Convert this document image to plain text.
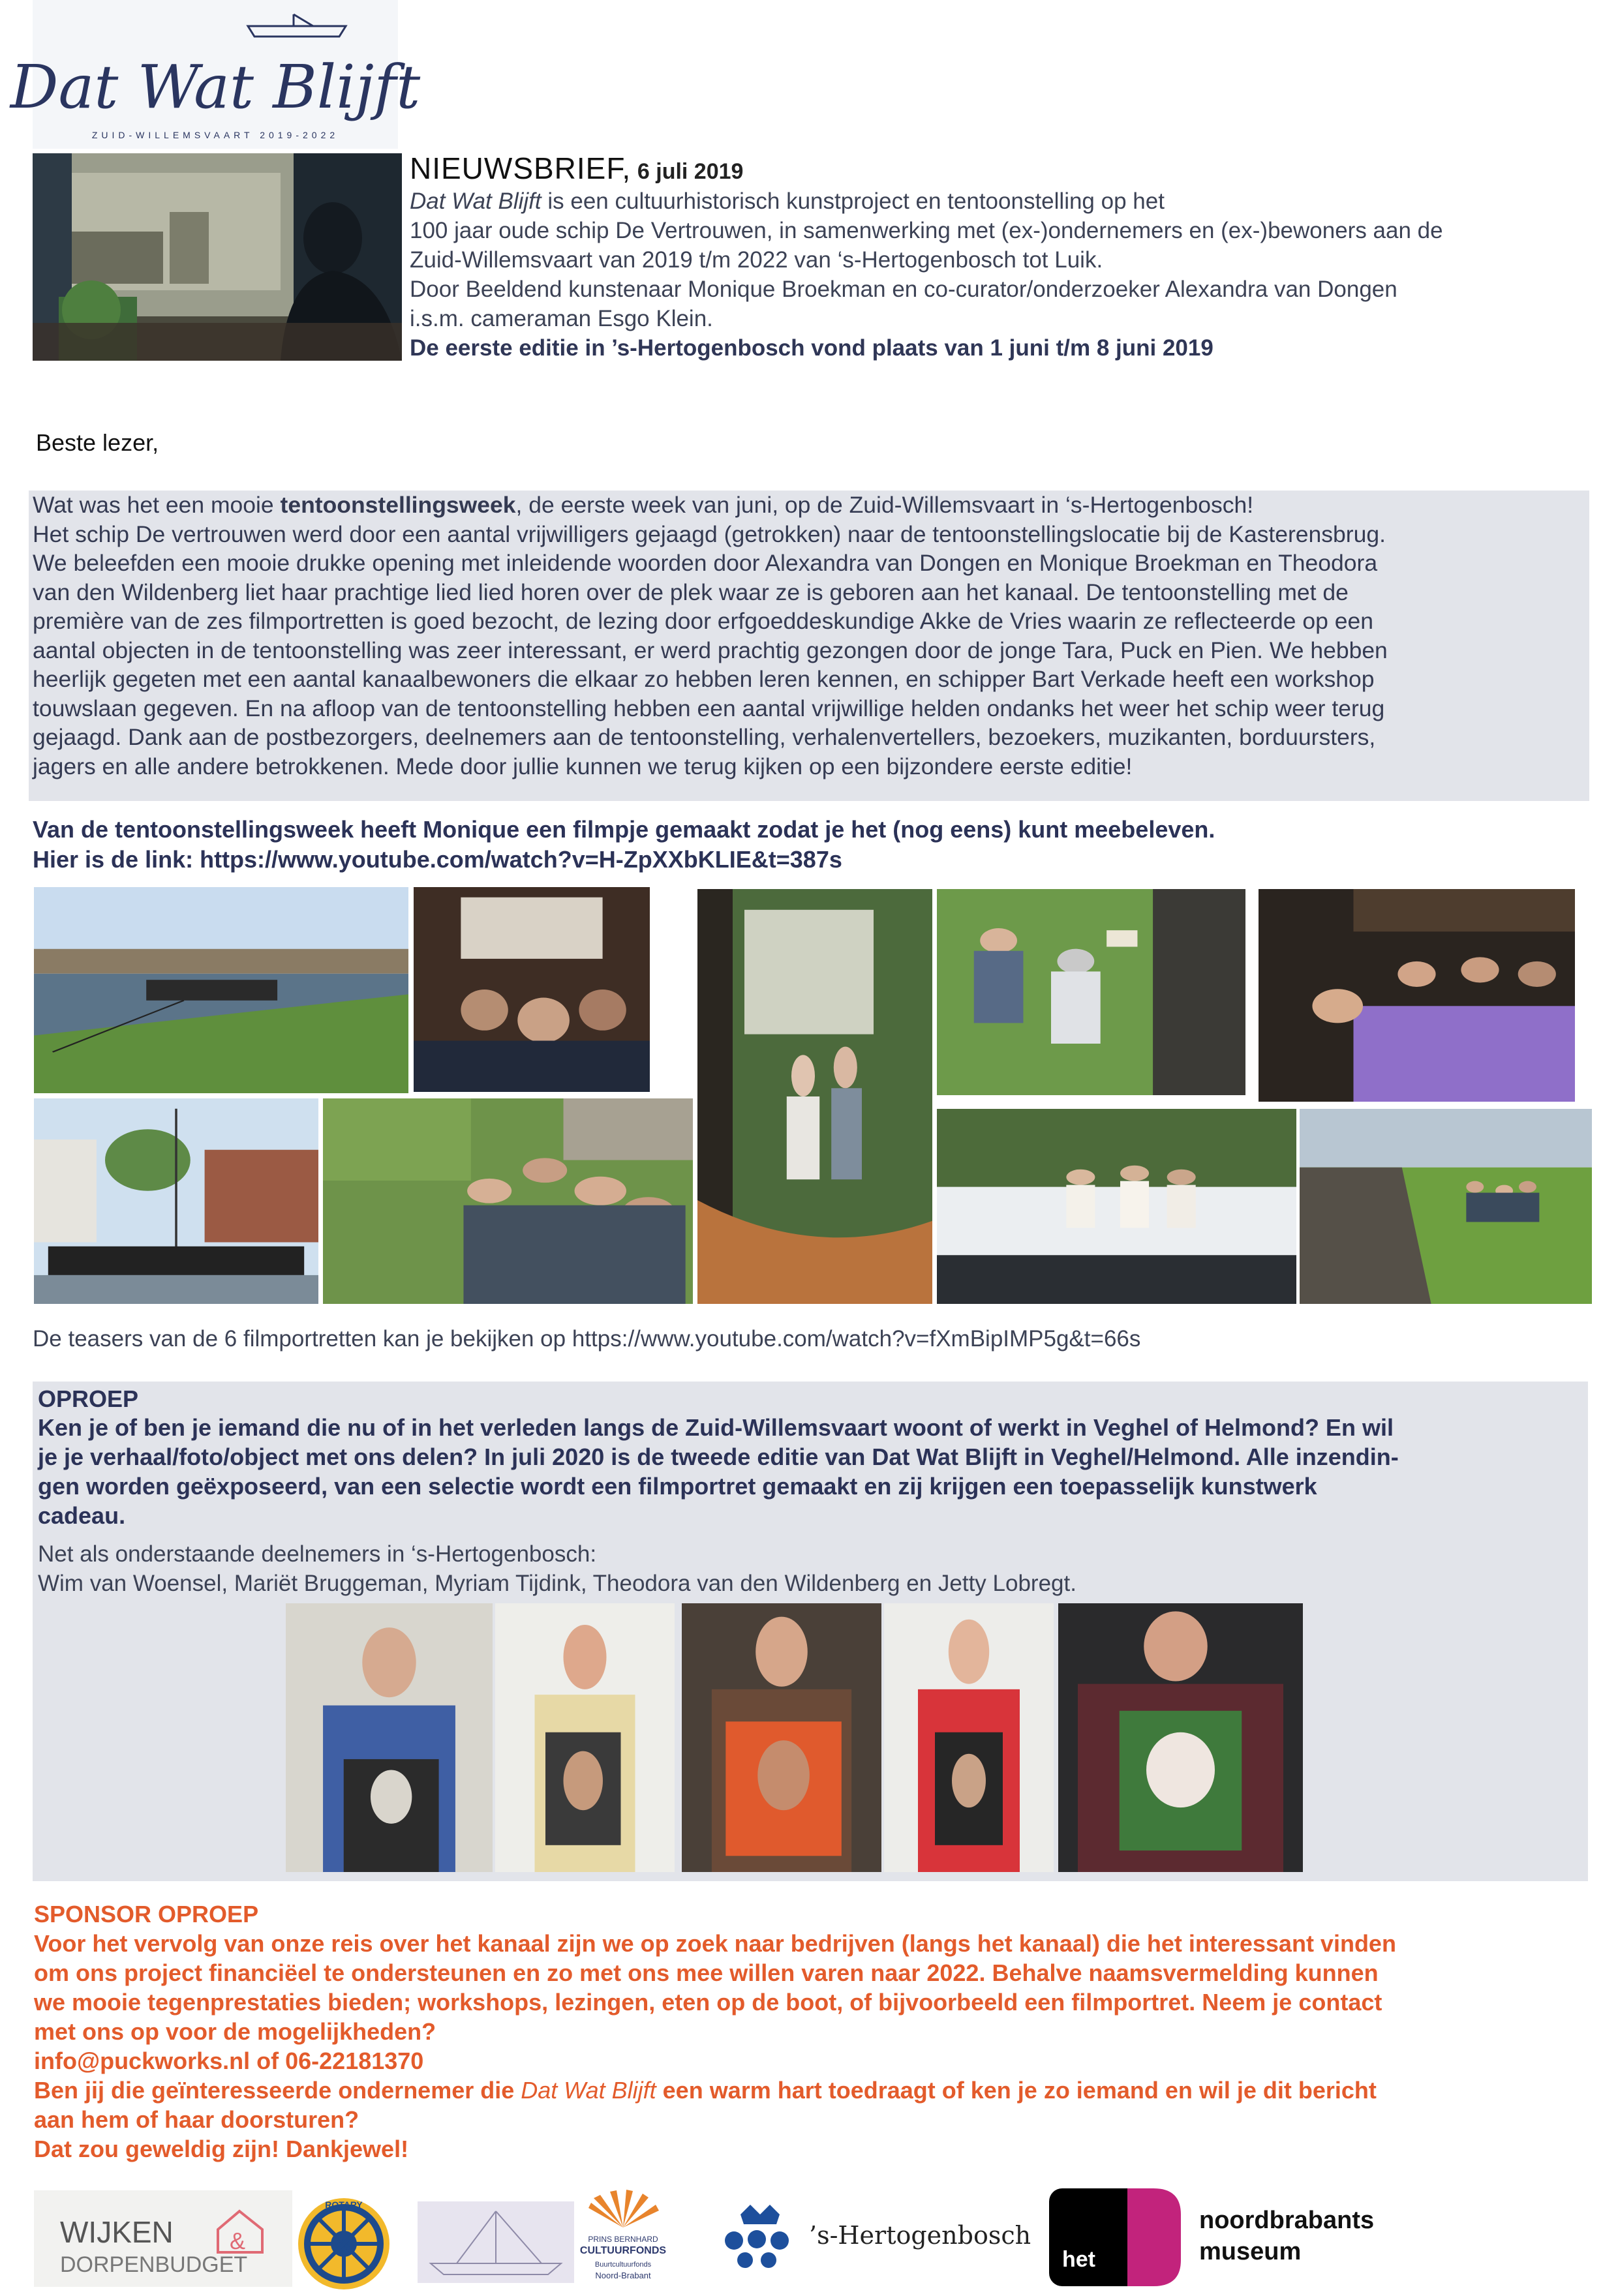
Dat Wat Blijft
ZUID-WILLEMSVAART 2019-2022
NIEUWSBRIEF, 6 juli 2019
Dat Wat Blijft is een cultuurhistorisch kunstproject en tentoonstelling op het
100 jaar oude schip De Vertrouwen, in samenwerking met (ex-)ondernemers en (ex-)bewoners aan de
Zuid-Willemsvaart van 2019 t/m 2022 van ‘s-Hertogenbosch tot Luik.
Door Beeldend kunstenaar Monique Broekman en co-curator/onderzoeker Alexandra van Dongen
i.s.m. cameraman Esgo Klein.
De eerste editie in ’s-Hertogenbosch vond plaats van 1 juni t/m 8 juni 2019
Beste lezer,

Wat was het een mooie tentoonstellingsweek, de eerste week van juni, op de Zuid-Willemsvaart in ‘s-Hertogenbosch!

Het schip De vertrouwen werd door een aantal vrijwilligers gejaagd (getrokken) naar de tentoonstellingslocatie bij de Kasterensbrug.

We beleefden een mooie drukke opening met inleidende woorden door Alexandra van Dongen en Monique Broekman en Theodora

van den Wildenberg liet haar prachtige lied lied horen over de plek waar ze is geboren aan het kanaal. De tentoonstelling met de

première van de zes filmportretten is goed bezocht, de lezing door erfgoeddeskundige Akke de Vries waarin ze reflecteerde op een

aantal objecten in de tentoonstelling was zeer interessant, er werd prachtig gezongen door de jonge Tara, Puck en Pien. We hebben

heerlijk gegeten met een aantal kanaalbewoners die elkaar zo hebben leren kennen, en schipper Bart Verkade heeft een workshop

touwslaan gegeven. En na afloop van de tentoonstelling hebben een aantal vrijwillige helden ondanks het weer het schip weer terug

gejaagd. Dank aan de postbezorgers, deelnemers aan de tentoonstelling, verhalenvertellers, bezoekers, muzikanten, borduursters,

jagers en alle andere betrokkenen. Mede door jullie kunnen we terug kijken op een bijzondere eerste editie!

Van de tentoonstellingsweek heeft Monique een filmpje gemaakt zodat je het (nog eens) kunt meebeleven.
Hier is de link: https://www.youtube.com/watch?v=H-ZpXXbKLIE&t=387s
De teasers van de 6 filmportretten kan je bekijken op https://www.youtube.com/watch?v=fXmBipIMP5g&t=66s
OPROEP
Ken je of ben je iemand die nu of in het verleden langs de Zuid-Willemsvaart woont of werkt in Veghel of Helmond? En wil
je je verhaal/foto/object met ons delen? In juli 2020 is de tweede editie van Dat Wat Blijft in Veghel/Helmond. Alle inzendin-
gen worden geëxposeerd, van een selectie wordt een filmportret gemaakt en zij krijgen een toepasselijk kunstwerk
cadeau.
Net als onderstaande deelnemers in ‘s-Hertogenbosch:
Wim van Woensel, Mariët Bruggeman, Myriam Tijdink, Theodora van den Wildenberg en Jetty Lobregt.
SPONSOR OPROEP
Voor het vervolg van onze reis over het kanaal zijn we op zoek naar bedrijven (langs het kanaal) die het interessant vinden
om ons project financiëel te ondersteunen en zo met ons mee willen varen naar 2022. Behalve naamsvermelding kunnen
we mooie tegenprestaties bieden; workshops, lezingen, eten op de boot, of bijvoorbeeld een filmportret. Neem je contact
met ons op voor de mogelijkheden?
info@puckworks.nl of 06-22181370
Ben jij die geïnteresseerde ondernemer die Dat Wat Blijft een warm hart toedraagt of ken je zo iemand en wil je dit bericht
aan hem of haar doorsturen?
Dat zou geweldig zijn! Dankjewel!
WIJKEN &
DORPENBUDGET
ROTARY
PRINS BERNHARD
CULTUURFONDS
Buurtcultuurfonds
Noord-Brabant
’s-Hertogenbosch
het
noordbrabants
museum
